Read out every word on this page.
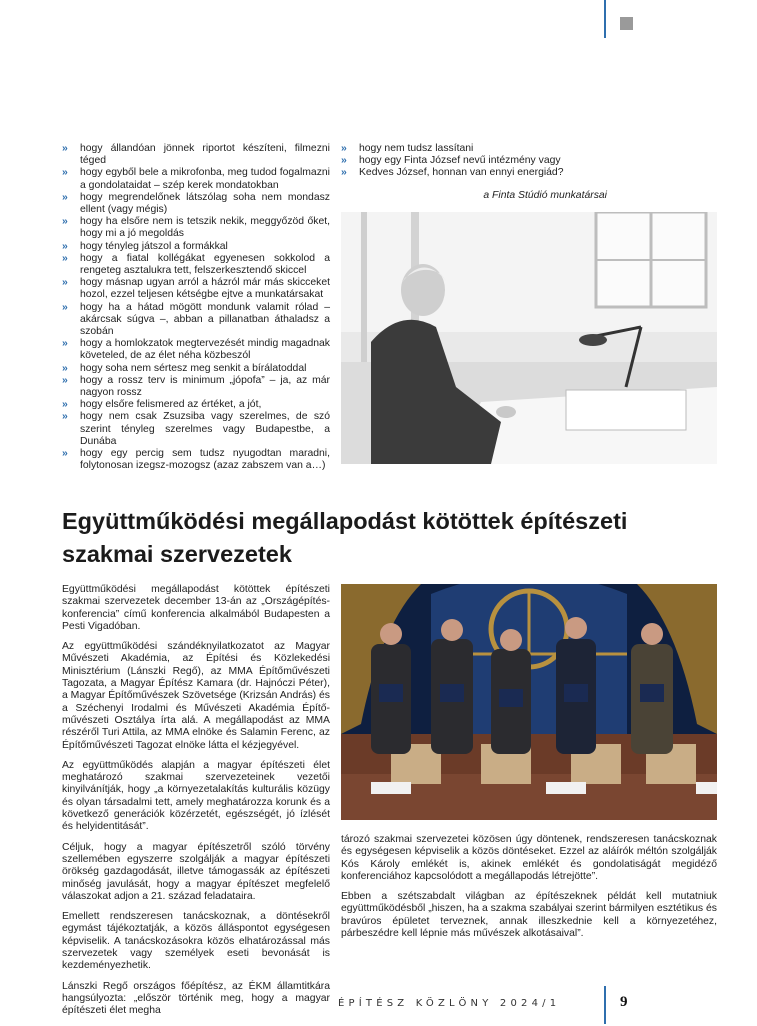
» hogy állandóan jönnek riportot készíteni, filmezni téged
» hogy egyből bele a mikrofonba, meg tudod fogalmazni a gondolataidat – szép kerek mondatokban
» hogy megrendelőnek látszólag soha nem mondasz ellent (vagy mégis)
» hogy ha elsőre nem is tetszik nekik, meggyőzöd őket, hogy mi a jó megoldás
» hogy tényleg játszol a formákkal
» hogy a fiatal kollégákat egyenesen sokkolod a rengeteg asztalukra tett, felszerkesztendő skiccel
» hogy másnap ugyan arról a házról már más skicceket hozol, ezzel teljesen kétségbe ejtve a munkatársakat
» hogy ha a hátad mögött mondunk valamit rólad – akárcsak súgva –, abban a pillanatban áthaladsz a szobán
» hogy a homlokzatok megtervezését mindig magadnak követeled, de az élet néha közbeszól
» hogy soha nem sértesz meg senkit a bírálatoddal
» hogy a rossz terv is minimum „jópofa” – ja, az már nagyon rossz
» hogy elsőre felismered az értéket, a jót,
» hogy nem csak Zsuzsiba vagy szerelmes, de szó szerint tényleg szerelmes vagy Budapestbe, a Dunába
» hogy egy percig sem tudsz nyugodtan maradni, folytonosan izegsz-mozogsz (azaz zabszem van a…)
» hogy nem tudsz lassítani
» hogy egy Finta József nevű intézmény vagy
» Kedves József, honnan van ennyi energiád?
a Finta Stúdió munkatársai
Együttműködési megállapodást kötöttek építészeti szakmai szervezetek

Együttműködési megállapodást kötöttek építészeti szakmai szervezetek december 13-án az „Országépítés-konferencia” című konferencia alkalmából Budapesten a Pesti Vigadóban.

Az együttműködési szándéknyilatkozatot az Magyar Művészeti Akadémia, az Építési és Közlekedési Minisztérium (Lánszki Regő), az MMA Építőművészeti Tagozata, a Magyar Építész Kamara (dr. Hajnóczi Péter), a Magyar Építőművészek Szövetsége (Krizsán András) és a Széchenyi Irodalmi és Művészeti Akadémia Építőművészeti Osztálya írta alá. A megállapodást az MMA részéről Turi Attila, az MMA elnöke és Salamin Ferenc, az Építőművészeti Tagozat elnöke látta el kézjegyével.

Az együttműködés alapján a magyar építészeti élet meghatározó szakmai szervezeteinek vezetői kinyilvánítják, hogy „a környezetalakítás kulturális közügy és olyan társadalmi tett, amely meghatározza korunk és a következő generációk közérzetét, egészségét, jó ízlését és helyidentitását”.

Céljuk, hogy a magyar építészetről szóló törvény szellemében egyszerre szolgálják a magyar építészeti örökség gazdagodását, illetve támogassák az építészeti minőség javulását, hogy a magyar építészet megfelelő válaszokat adjon a 21. század feladataira.

Emellett rendszeresen tanácskoznak, a döntésekről egymást tájékoztatják, a közös álláspontot egységesen képviselik. A tanácskozásokra közös elhatározással más szervezetek vagy személyek eseti bevonását is kezdeményezhetik.

Lánszki Regő országos főépítész, az ÉKM államtitkára hangsúlyozta: „először történik meg, hogy a magyar építészeti élet megha

tározó szakmai szervezetei közösen úgy döntenek, rendszeresen tanácskoznak és egységesen képviselik a közös döntéseket. Ezzel az aláírók méltón szolgálják Kós Károly emlékét is, akinek emlékét és gondolatiságát megidéző konferenciához kapcsolódott a megállapodás létrejötte”.

Ebben a szétszabdalt világban az építészeknek példát kell mutatniuk együttműködésből „hiszen, ha a szakma szabályai szerint bármilyen esztétikus és bravúros épületet terveznek, annak illeszkednie kell a környezetéhez, párbeszédre kell lépnie más művészek alkotásaival”.

ÉPÍTÉSZ KÖZLÖNY 2024/1	9
